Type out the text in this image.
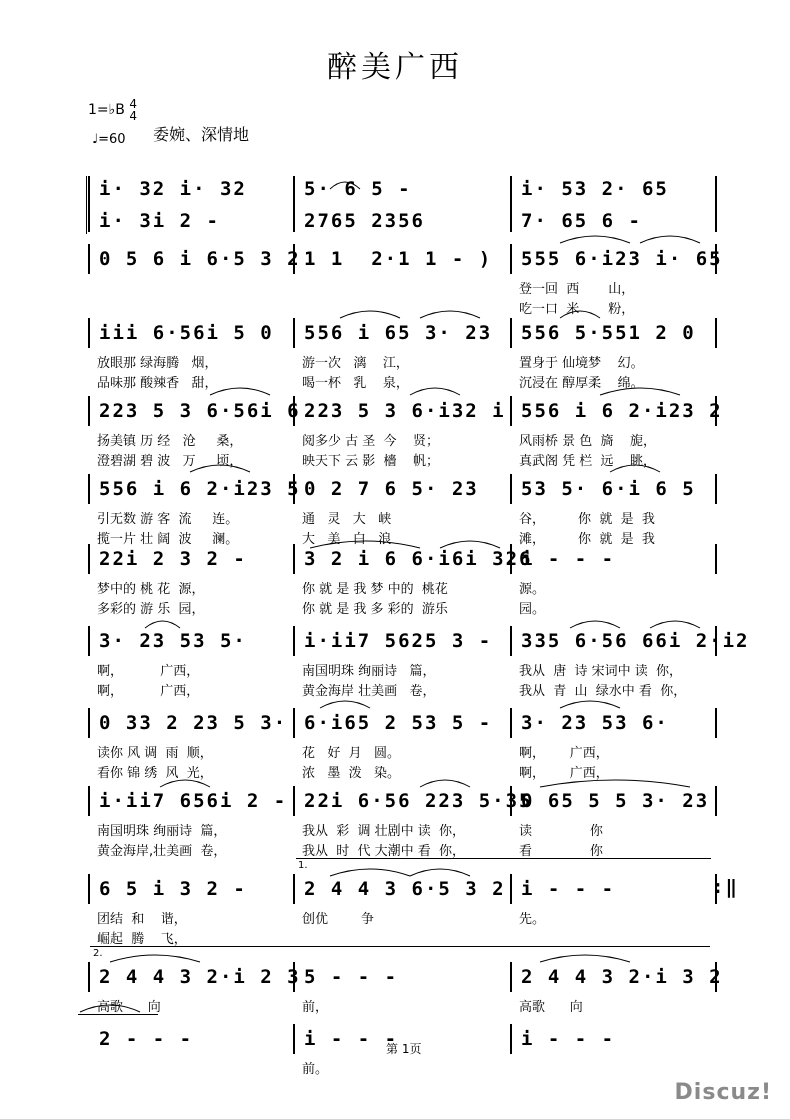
醉美广西
1=♭B 4
4
♩=60 委婉、深情地
i· 32 i· 32	5· 6 5 -	i· 53 2· 65
i· 3i 2 -	2765 2356	7· 65 6 -
0 5 6 i 6·5 3 2 1 1  2·1 1 - ) 555 6·i23 i· 65
登一回  西       山，
吃一口  米       粉，
iii 6·56i 5 0
放眼那 绿海腾   烟，
品味那 酸辣香   甜，
556 i 65 3· 23
游一次   漓    江，
喝一杯   乳    泉，
556 5·551 2 0
置身于 仙境梦    幻。
沉浸在 醇厚柔    绵。
223 5 3 6·56i 6
扬美镇 历 经   沧     桑，
澄碧湖 碧 波   万     顷，
223 5 3 6·i32 i
阅多少 古 圣  今    贤；
映天下 云 影  檣    帆；
556 i 6 2·i23 2
风雨桥 景 色  旖    旎，
真武阁 凭 栏  远    眺，
556 i 6 2·i23 5
引无数 游 客  流     连。
揽一片 壮 阔  波     澜。
0 2 7 6 5· 23
通   灵   大   峡
大   美   白   浪
53 5· 6·i 6 5
谷，        你  就  是  我
滩，        你  就  是  我
22i 2 3 2 -
梦中的 桃 花  源，
多彩的 游 乐  园，
3 2 i 6 6·i6i 326
你 就 是 我 梦 中的  桃花
你 就 是 我 多 彩的  游乐
i - - -
源。
园。
3· 23 53 5·
啊，         广西，
啊，         广西，
i·ii7 5625 3 -
南国明珠 绚丽诗   篇，
黄金海岸 壮美画   卷，
335 6·56 66i 2·i2
我从  唐  诗 宋词中 读  你，
我从  青  山  绿水中 看  你，
0 33 2 23 5 3·
读你 风 调  雨  顺，
看你 锦 绣  风  光，
6·i65 2 53 5 -
花   好  月   圆。
浓   墨  泼   染。
3· 23 53 6·
啊，      广西，
啊，      广西，
i·ii7 656i 2 -
南国明珠 绚丽诗  篇，
黄金海岸,壮美画  卷，
22i 6·56 223 5·35
我从  彩  调 壮剧中 读  你，
我从  时  代 大潮中 看  你，
0 65 5 5 3· 23
读              你
看              你
6 5 i 3 2 -
团结  和    谐，
崛起  腾    飞，
2 4 4 3 6·5 3 2
创优        争
i - - -
先。
1.
2 4 4 3 2·i 2 3
高歌      向
5 - - -
前，
2 4 4 3 2·i 3 2
高歌      向
2.
2 - - -	i - - -
前。
i - - -
:‖
第 1页
Discuz!
